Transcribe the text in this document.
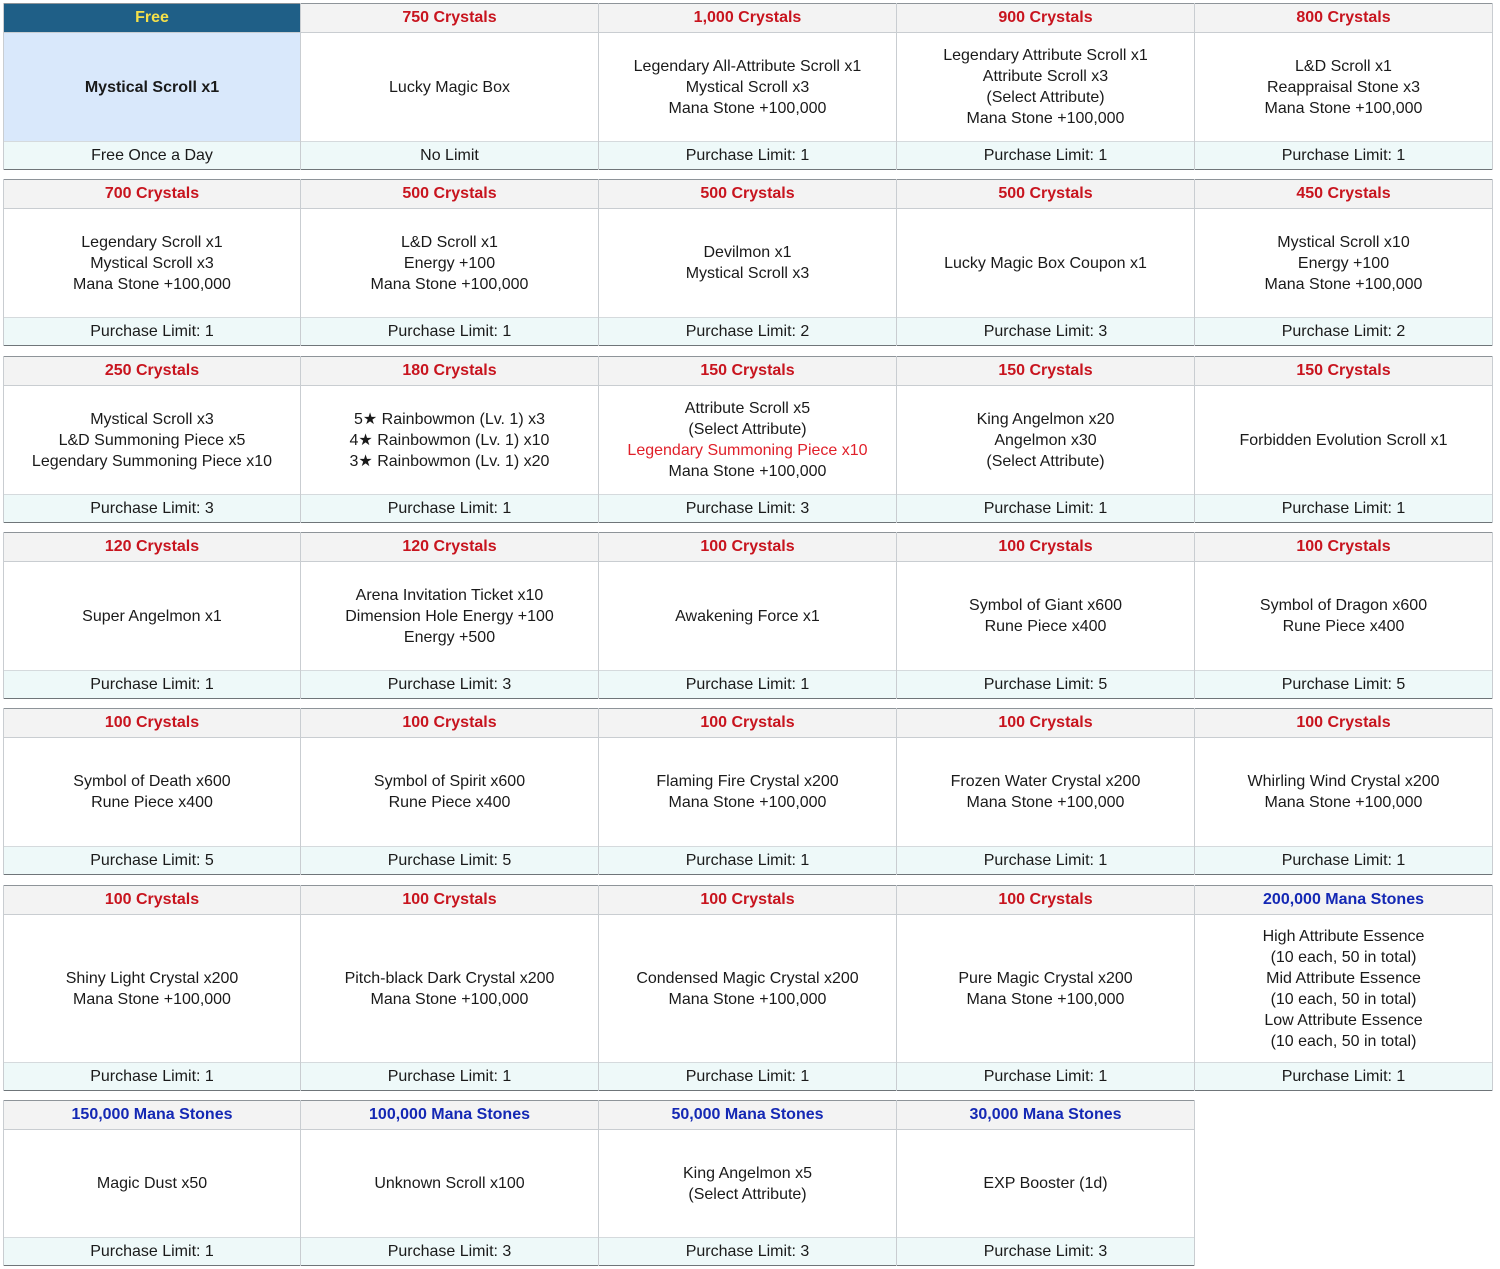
Free
Mystical Scroll x1
Free Once a Day
750 Crystals
Lucky Magic Box
No Limit
1,000 Crystals
Legendary All-Attribute Scroll x1
Mystical Scroll x3
Mana Stone +100,000
Purchase Limit: 1
900 Crystals
Legendary Attribute Scroll x1
Attribute Scroll x3
(Select Attribute)
Mana Stone +100,000
Purchase Limit: 1
800 Crystals
L&D Scroll x1
Reappraisal Stone x3
Mana Stone +100,000
Purchase Limit: 1
700 Crystals
Legendary Scroll x1
Mystical Scroll x3
Mana Stone +100,000
Purchase Limit: 1
500 Crystals
L&D Scroll x1
Energy +100
Mana Stone +100,000
Purchase Limit: 1
500 Crystals
Devilmon x1
Mystical Scroll x3
Purchase Limit: 2
500 Crystals
Lucky Magic Box Coupon x1
Purchase Limit: 3
450 Crystals
Mystical Scroll x10
Energy +100
Mana Stone +100,000
Purchase Limit: 2
250 Crystals
Mystical Scroll x3
L&D Summoning Piece x5
Legendary Summoning Piece x10
Purchase Limit: 3
180 Crystals
5★ Rainbowmon (Lv. 1) x3
4★ Rainbowmon (Lv. 1) x10
3★ Rainbowmon (Lv. 1) x20
Purchase Limit: 1
150 Crystals
Attribute Scroll x5
(Select Attribute)
Legendary Summoning Piece x10
Mana Stone +100,000
Purchase Limit: 3
150 Crystals
King Angelmon x20
Angelmon x30
(Select Attribute)
Purchase Limit: 1
150 Crystals
Forbidden Evolution Scroll x1
Purchase Limit: 1
120 Crystals
Super Angelmon x1
Purchase Limit: 1
120 Crystals
Arena Invitation Ticket x10
Dimension Hole Energy +100
Energy +500
Purchase Limit: 3
100 Crystals
Awakening Force x1
Purchase Limit: 1
100 Crystals
Symbol of Giant x600
Rune Piece x400
Purchase Limit: 5
100 Crystals
Symbol of Dragon x600
Rune Piece x400
Purchase Limit: 5
100 Crystals
Symbol of Death x600
Rune Piece x400
Purchase Limit: 5
100 Crystals
Symbol of Spirit x600
Rune Piece x400
Purchase Limit: 5
100 Crystals
Flaming Fire Crystal x200
Mana Stone +100,000
Purchase Limit: 1
100 Crystals
Frozen Water Crystal x200
Mana Stone +100,000
Purchase Limit: 1
100 Crystals
Whirling Wind Crystal x200
Mana Stone +100,000
Purchase Limit: 1
100 Crystals
Shiny Light Crystal x200
Mana Stone +100,000
Purchase Limit: 1
100 Crystals
Pitch-black Dark Crystal x200
Mana Stone +100,000
Purchase Limit: 1
100 Crystals
Condensed Magic Crystal x200
Mana Stone +100,000
Purchase Limit: 1
100 Crystals
Pure Magic Crystal x200
Mana Stone +100,000
Purchase Limit: 1
200,000 Mana Stones
High Attribute Essence
(10 each, 50 in total)
Mid Attribute Essence
(10 each, 50 in total)
Low Attribute Essence
(10 each, 50 in total)
Purchase Limit: 1
150,000 Mana Stones
Magic Dust x50
Purchase Limit: 1
100,000 Mana Stones
Unknown Scroll x100
Purchase Limit: 3
50,000 Mana Stones
King Angelmon x5
(Select Attribute)
Purchase Limit: 3
30,000 Mana Stones
EXP Booster (1d)
Purchase Limit: 3
